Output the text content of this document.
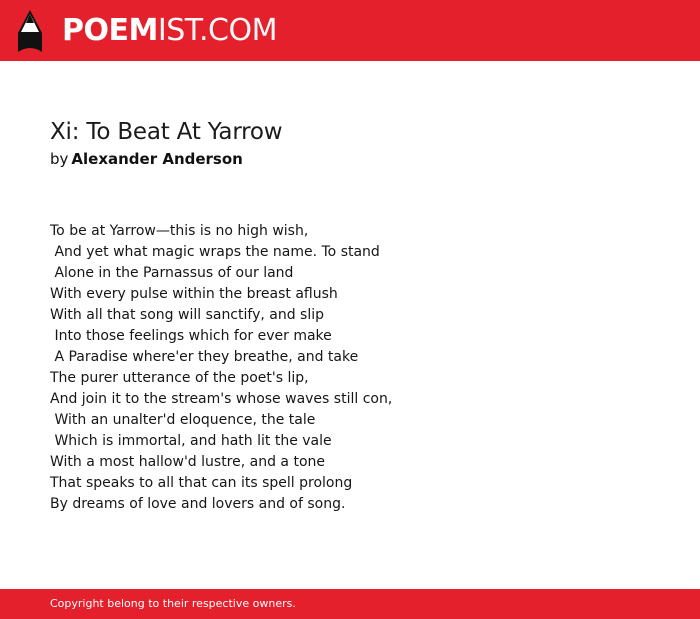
POEMIST.COM
Xi: To Beat At Yarrow
by Alexander Anderson
To be at Yarrow—this is no high wish,
And yet what magic wraps the name. To stand
Alone in the Parnassus of our land
With every pulse within the breast aflush
With all that song will sanctify, and slip
Into those feelings which for ever make
A Paradise where'er they breathe, and take
The purer utterance of the poet's lip,
And join it to the stream's whose waves still con,
With an unalter'd eloquence, the tale
Which is immortal, and hath lit the vale
With a most hallow'd lustre, and a tone
That speaks to all that can its spell prolong
By dreams of love and lovers and of song.
Copyright belong to their respective owners.
